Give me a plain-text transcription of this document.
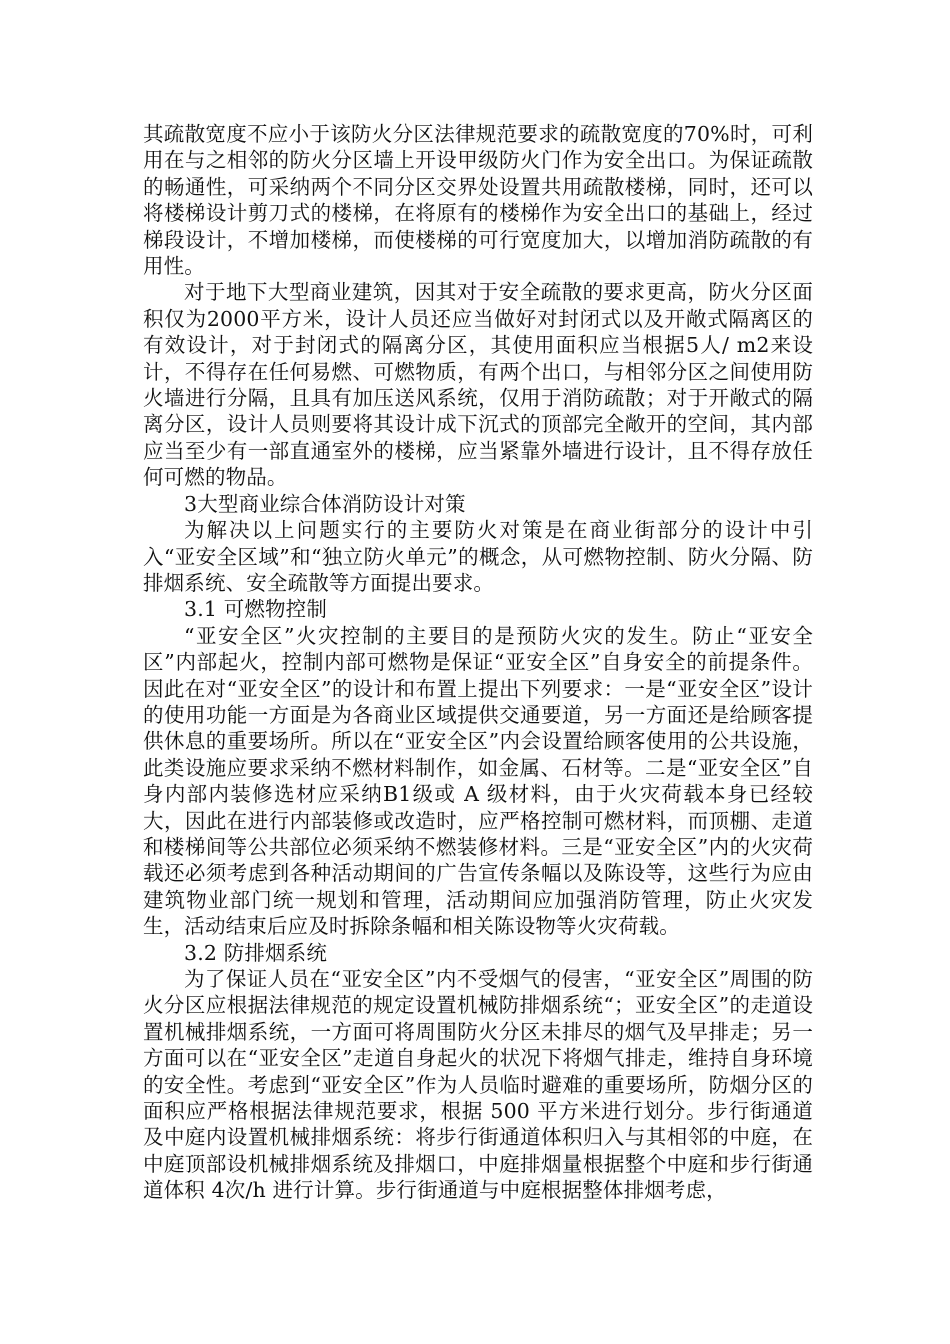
其疏散宽度不应小于该防火分区法律规范要求的疏散宽度的70%时，可利用在与之相邻的防火分区墙上开设甲级防火门作为安全出口。为保证疏散的畅通性，可采纳两个不同分区交界处设置共用疏散楼梯，同时，还可以将楼梯设计剪刀式的楼梯，在将原有的楼梯作为安全出口的基础上，经过梯段设计，不增加楼梯，而使楼梯的可行宽度加大，以增加消防疏散的有用性。

对于地下大型商业建筑，因其对于安全疏散的要求更高，防火分区面积仅为2000平方米，设计人员还应当做好对封闭式以及开敞式隔离区的有效设计，对于封闭式的隔离分区，其使用面积应当根据5人/ m2来设计，不得存在任何易燃、可燃物质，有两个出口，与相邻分区之间使用防火墙进行分隔，且具有加压送风系统，仅用于消防疏散；对于开敞式的隔离分区，设计人员则要将其设计成下沉式的顶部完全敞开的空间，其内部应当至少有一部直通室外的楼梯，应当紧靠外墙进行设计，且不得存放任何可燃的物品。

3大型商业综合体消防设计对策

为解决以上问题实行的主要防火对策是在商业街部分的设计中引入“亚安全区域”和“独立防火单元”的概念，从可燃物控制、防火分隔、防排烟系统、安全疏散等方面提出要求。

3.1 可燃物控制

“亚安全区”火灾控制的主要目的是预防火灾的发生。防止“亚安全区”内部起火，控制内部可燃物是保证“亚安全区”自身安全的前提条件。因此在对“亚安全区”的设计和布置上提出下列要求：一是“亚安全区”设计的使用功能一方面是为各商业区域提供交通要道，另一方面还是给顾客提供休息的重要场所。所以在“亚安全区”内会设置给顾客使用的公共设施，此类设施应要求采纳不燃材料制作，如金属、石材等。二是“亚安全区”自身内部内装修选材应采纳B1级或 A 级材料，由于火灾荷载本身已经较大，因此在进行内部装修或改造时，应严格控制可燃材料，而顶棚、走道和楼梯间等公共部位必须采纳不燃装修材料。三是“亚安全区”内的火灾荷载还必须考虑到各种活动期间的广告宣传条幅以及陈设等，这些行为应由建筑物业部门统一规划和管理，活动期间应加强消防管理，防止火灾发生，活动结束后应及时拆除条幅和相关陈设物等火灾荷载。

3.2 防排烟系统

为了保证人员在“亚安全区”内不受烟气的侵害，“亚安全区”周围的防火分区应根据法律规范的规定设置机械防排烟系统“；亚安全区”的走道设置机械排烟系统，一方面可将周围防火分区未排尽的烟气及早排走；另一方面可以在“亚安全区”走道自身起火的状况下将烟气排走，维持自身环境的安全性。考虑到“亚安全区”作为人员临时避难的重要场所，防烟分区的面积应严格根据法律规范要求，根据 500 平方米进行划分。步行街通道及中庭内设置机械排烟系统：将步行街通道体积归入与其相邻的中庭，在中庭顶部设机械排烟系统及排烟口，中庭排烟量根据整个中庭和步行街通道体积 4次/h 进行计算。步行街通道与中庭根据整体排烟考虑，
